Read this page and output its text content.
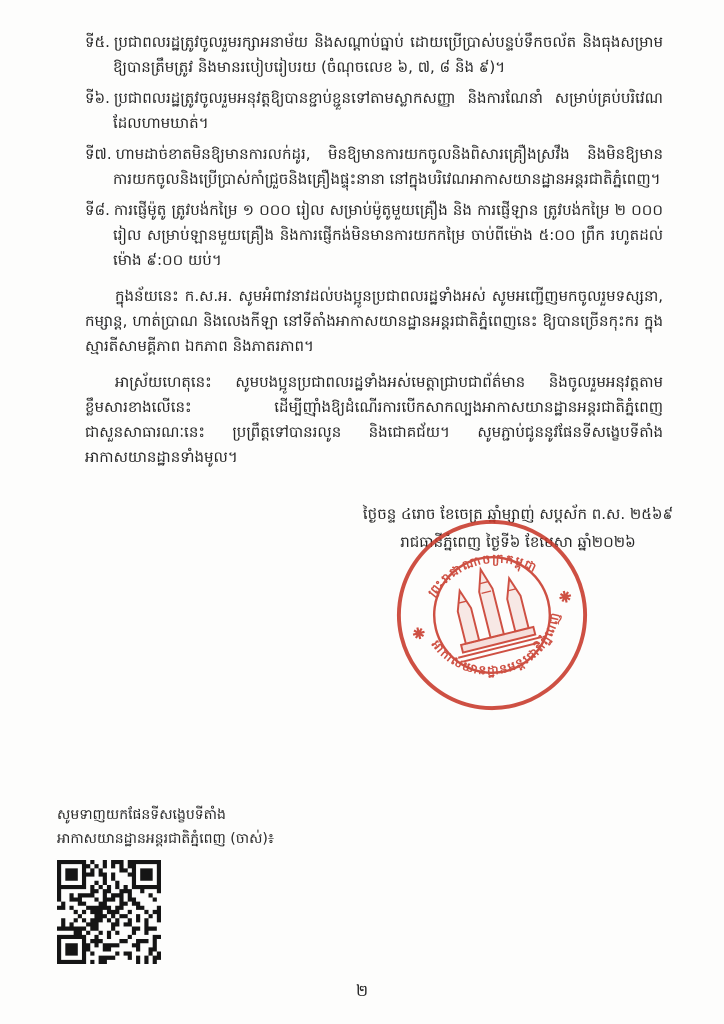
ទី៥. ប្រជាពលរដ្ឋត្រូវចូលរួមរក្សាអនាម័យ និងសណ្ដាប់ធ្នាប់ ដោយប្រើប្រាស់បន្ទប់ទឹកចល័ត និងធុងសម្រាម ឱ្យបានត្រឹមត្រូវ និងមានរបៀបរៀបរយ (ចំណុចលេខ ៦, ៧, ៨ និង ៩)។

ទី៦. ប្រជាពលរដ្ឋត្រូវចូលរួមអនុវត្តឱ្យបានខ្ជាប់ខ្ជួនទៅតាមស្លាកសញ្ញា និងការណែនាំ សម្រាប់គ្រប់បរិវេណដែលហាមឃាត់។

ទី៧. ហាមដាច់ខាតមិនឱ្យមានការលក់ដូរ, មិនឱ្យមានការយកចូលនិងពិសារគ្រឿងស្រវឹង និងមិនឱ្យមានការយកចូលនិងប្រើប្រាស់កាំជ្រួចនិងគ្រឿងផ្ទុះនានា នៅក្នុងបរិវេណអាកាសយានដ្ឋានអន្តរជាតិភ្នំពេញ។

ទី៨. ការផ្ញើម៉ូតូ ត្រូវបង់កម្រៃ ១ ០០០ រៀល សម្រាប់ម៉ូតូមួយគ្រឿង និង ការផ្ញើឡាន ត្រូវបង់កម្រៃ ២ ០០០ រៀល សម្រាប់ឡានមួយគ្រឿង និងការផ្ញើកង់មិនមានការយកកម្រៃ ចាប់ពីម៉ោង ៥:០០ ព្រឹក រហូតដល់ម៉ោង ៩:០០ យប់។

ក្នុងន័យនេះ ក.ស.អ. សូមអំពាវនាវដល់បងប្អូនប្រជាពលរដ្ឋទាំងអស់ សូមអញ្ជើញមកចូលរួមទស្សនា, កម្សាន្ត, ហាត់ប្រាណ និងលេងកីឡា នៅទីតាំងអាកាសយានដ្ឋានអន្តរជាតិភ្នំពេញនេះ ឱ្យបានច្រើនកុះករ ក្នុងស្មារតីសាមគ្គីភាព ឯកភាព និងភាតរភាព។

អាស្រ័យហេតុនេះ សូមបងប្អូនប្រជាពលរដ្ឋទាំងអស់មេត្តាជ្រាបជាព័ត៌មាន និងចូលរួមអនុវត្តតាមខ្លឹមសារខាងលើនេះ ដើម្បីញ៉ាំងឱ្យដំណើរការបើកសាកល្បងអាកាសយានដ្ឋានអន្តរជាតិភ្នំពេញ ជាសួនសាធារណៈនេះ ប្រព្រឹត្តទៅបានរលូន និងជោគជ័យ។ សូមភ្ជាប់ជូននូវផែនទីសង្ខេបទីតាំងអាកាសយានដ្ឋានទាំងមូល។

ថ្ងៃចន្ទ ៤រោច ខែចេត្រ ឆ្នាំម្សាញ់ សប្ដស័ក ព.ស. ២៥៦៩
រាជធានីភ្នំពេញ ថ្ងៃទី៦ ខែមេសា ឆ្នាំ២០២៦
ព្រះរាជាណាចក្រកម្ពុជា
អាកាសយានដ្ឋានអន្តរជាតិភ្នំពេញ
សូមទាញយកផែនទីសង្ខេបទីតាំង
អាកាសយានដ្ឋានអន្តរជាតិភ្នំពេញ (ចាស់)៖
២
